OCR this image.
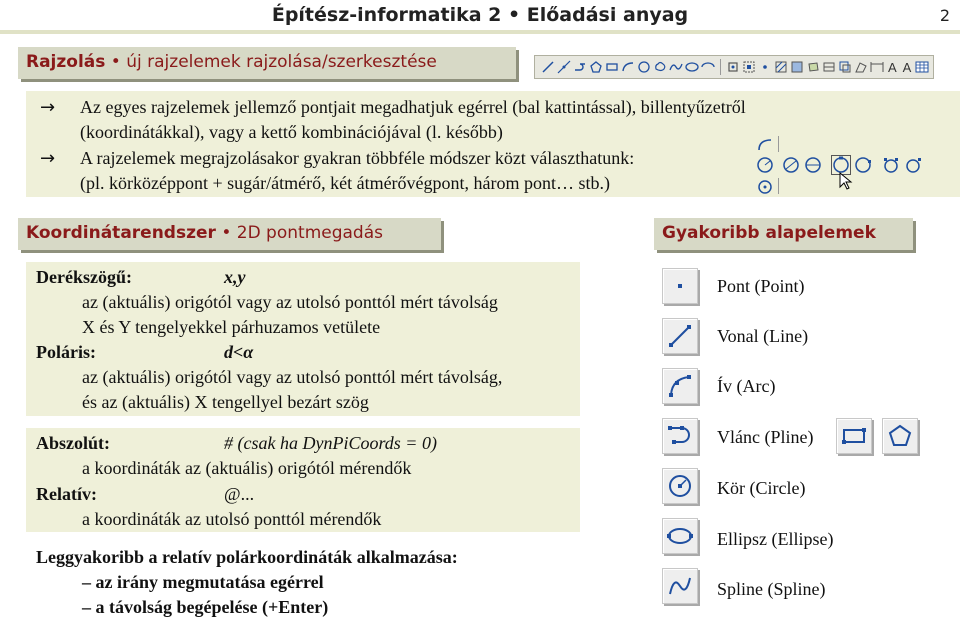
Építész-informatika 2 • Előadási anyag	2
Rajzolás • új rajzelemek rajzolása/szerkesztése	A A
→ Az egyes rajzelemek jellemző pontjait megadhatjuk egérrel (bal kattintással), billentyűzetről
(koordinátákkal), vagy a kettő kombinációjával (l. később)
→ A rajzelemek megrajzolásakor gyakran többféle módszer közt választhatunk:
(pl. körközéppont + sugár/átmérő, két átmérővégpont, három pont… stb.)
Koordinátarendszer • 2D pontmegadás
Derékszögű:	x,y
az (aktuális) origótól vagy az utolsó ponttól mért távolság
X és Y tengelyekkel párhuzamos vetülete
Poláris:	d<α
az (aktuális) origótól vagy az utolsó ponttól mért távolság,
és az (aktuális) X tengellyel bezárt szög
Abszolút:	# (csak ha DynPiCoords = 0)
a koordináták az (aktuális) origótól mérendők
Relatív:	@...
a koordináták az utolsó ponttól mérendők
Leggyakoribb a relatív polárkoordináták alkalmazása:
– az irány megmutatása egérrel
– a távolság begépelése (+Enter)
Gyakoribb alapelemek
Pont (Point)
Vonal (Line)
Ív (Arc)
Vlánc (Pline)
Kör (Circle)
Ellipsz (Ellipse)
Spline (Spline)
